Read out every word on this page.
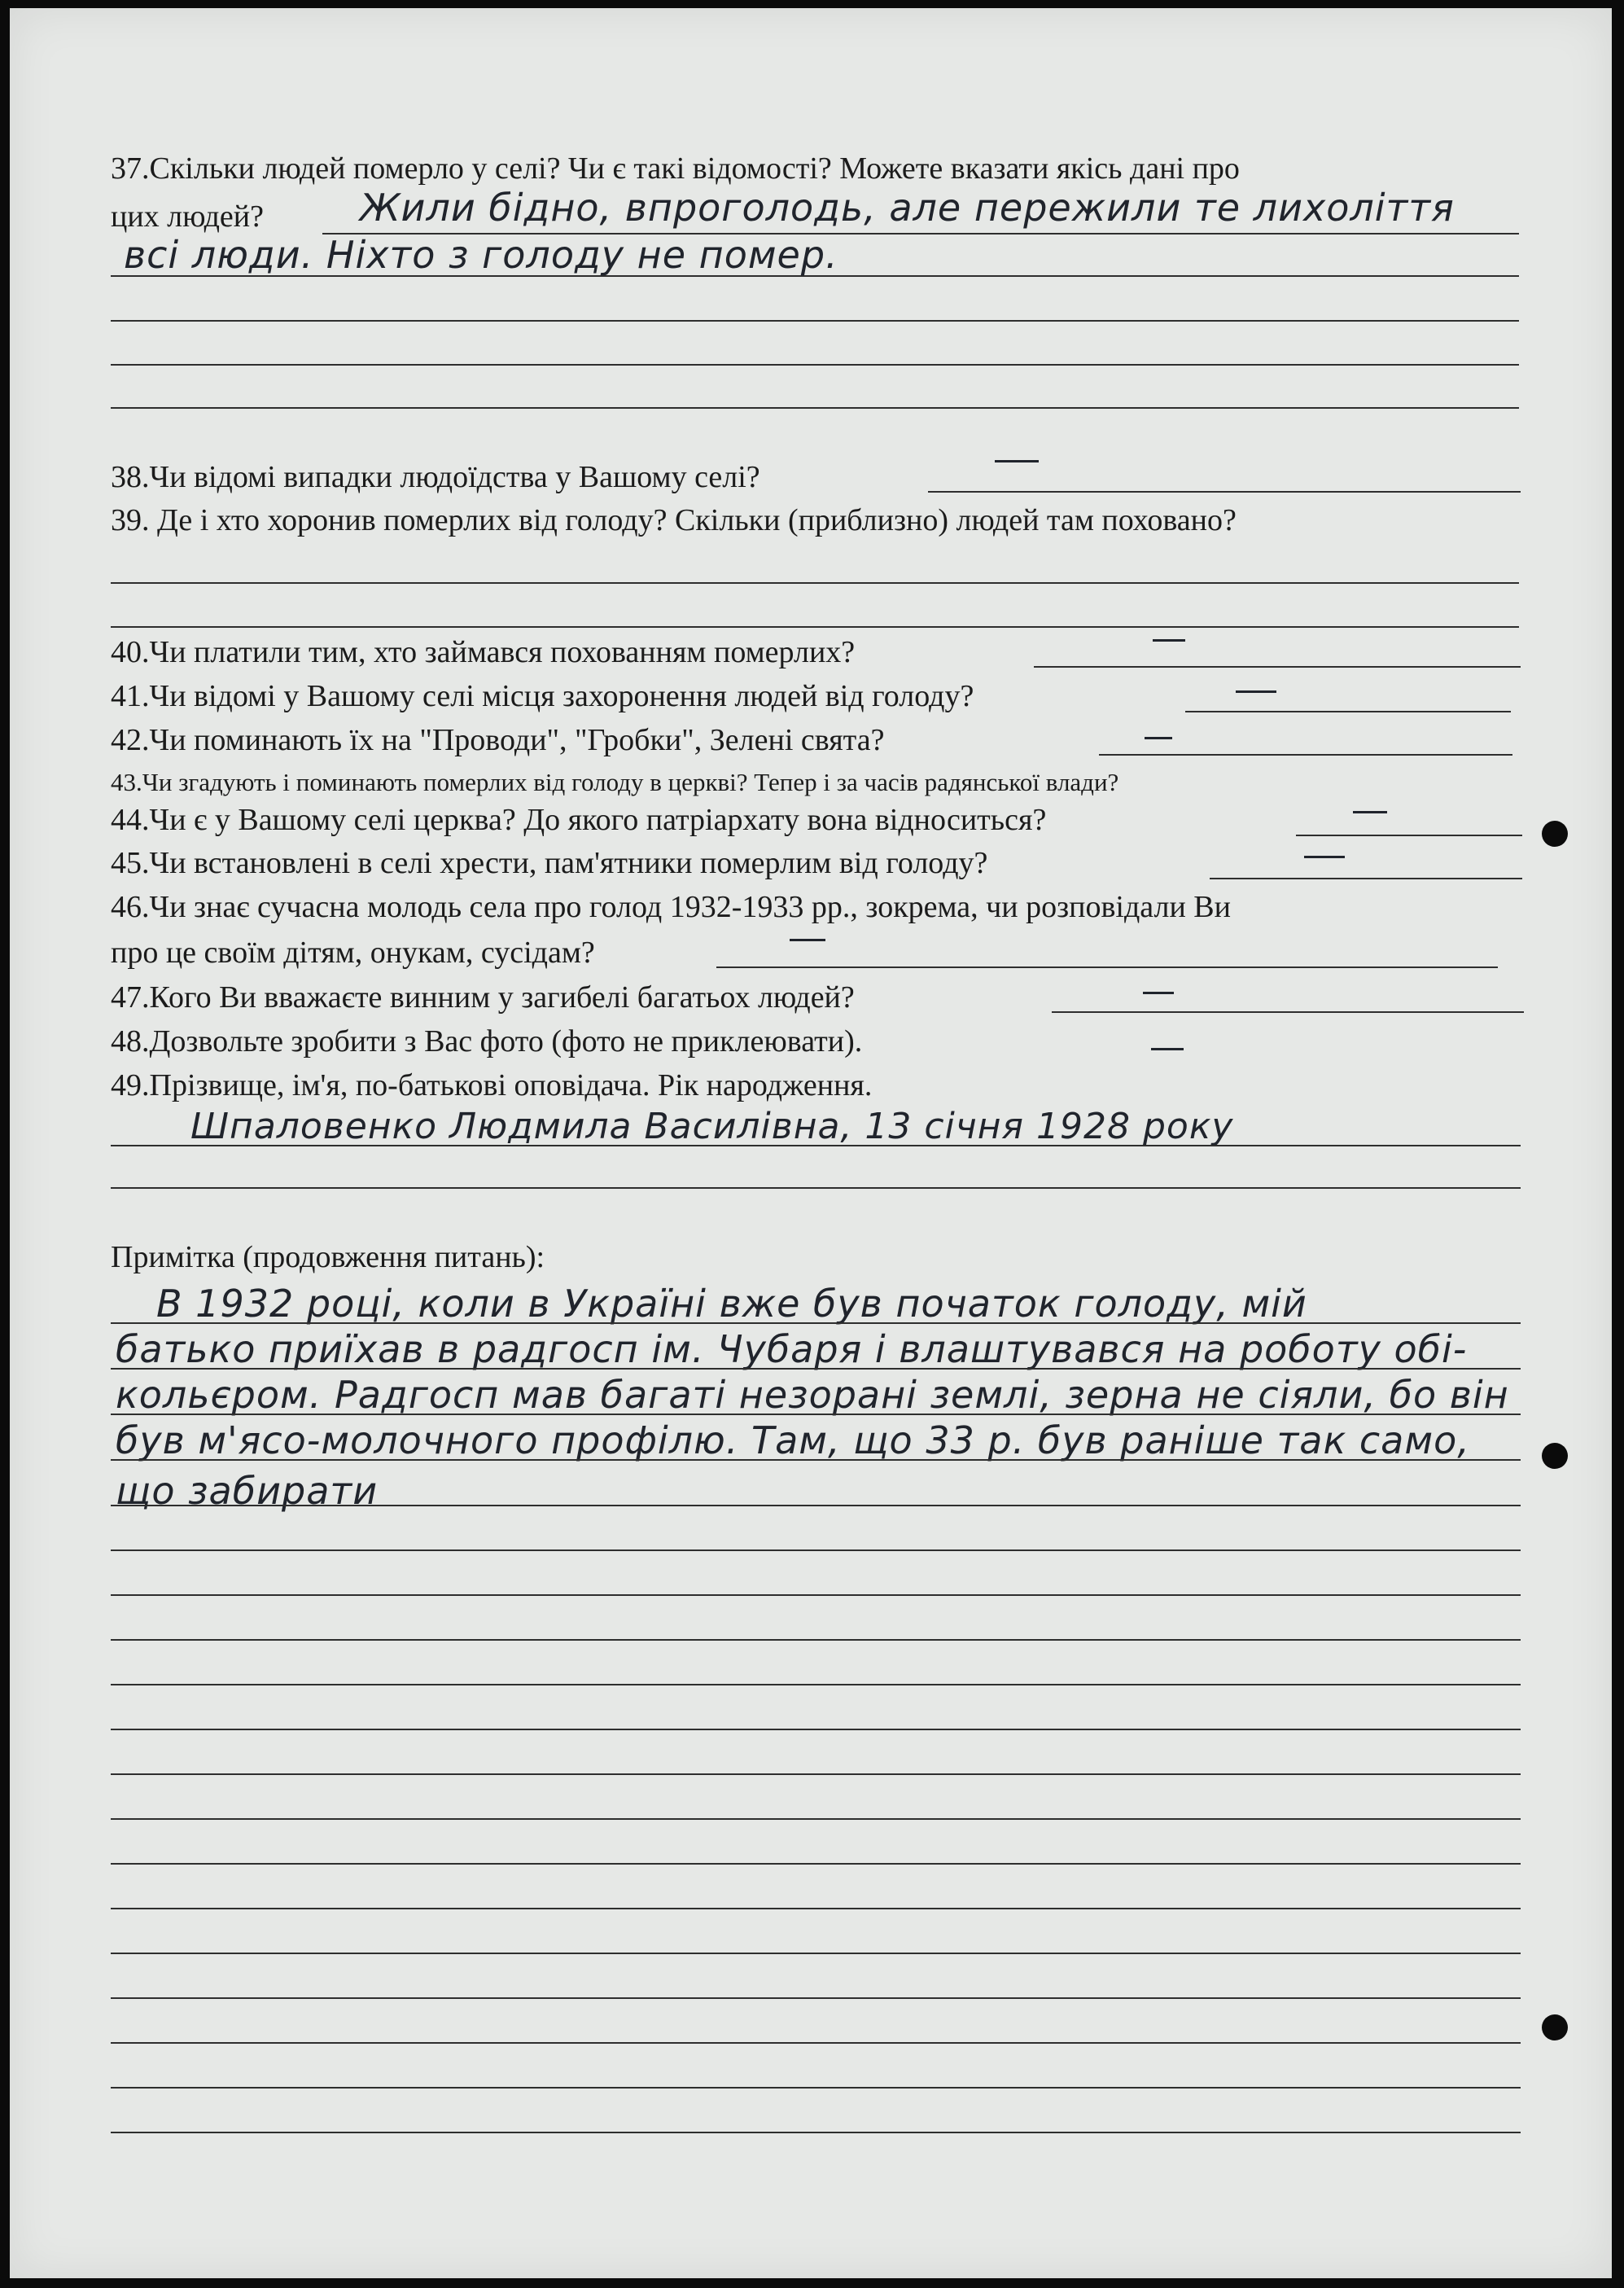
37.Скільки людей померло у селі? Чи є такі відомості? Можете вказати якісь дані про
цих людей?	Жили бідно, впроголодь, але пережили те лихоліття
всі люди. Ніхто з голоду не помер.
38.Чи відомі випадки людоїдства у Вашому селі?
39. Де і хто хоронив померлих від голоду? Скільки (приблизно) людей там поховано?
40.Чи платили тим, хто займався похованням померлих?
41.Чи відомі у Вашому селі місця захоронення людей від голоду?
42.Чи поминають їх на "Проводи", "Гробки", Зелені свята?
43.Чи згадують і поминають померлих від голоду в церкві? Тепер і за часів радянської влади?
44.Чи є у Вашому селі церква? До якого патріархату вона відноситься?
45.Чи встановлені в селі хрести, пам'ятники померлим від голоду?
46.Чи знає сучасна молодь села про голод 1932-1933 рр., зокрема, чи розповідали Ви
про це своїм дітям, онукам, сусідам?
47.Кого Ви вважаєте винним у загибелі багатьох людей?
48.Дозвольте зробити з Вас фото (фото не приклеювати).
49.Прізвище, ім'я, по-батькові оповідача. Рік народження.
Шпаловенко Людмила Василівна, 13 січня 1928 року
Примітка (продовження питань):
В 1932 році, коли в Україні вже був початок голоду, мій
батько приїхав в радгосп ім. Чубаря і влаштувався на роботу обі-
кольєром. Радгосп мав багаті незорані землі, зерна не сіяли, бо він
був м'ясо-молочного профілю. Там, що 33 р. був раніше так само,
що забирати
